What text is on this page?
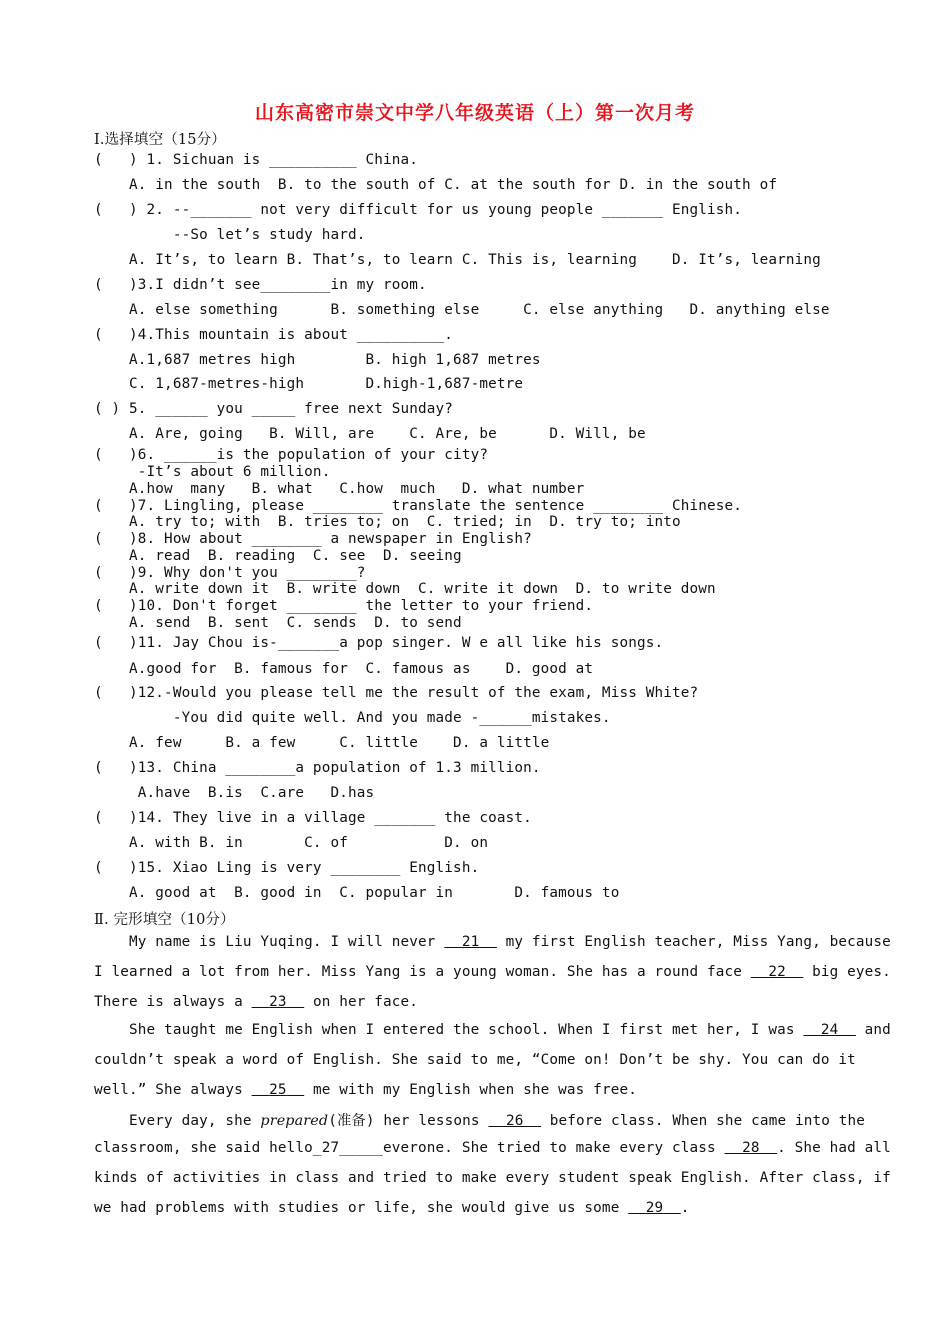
山东高密市崇文中学八年级英语（上）第一次月考
Ⅰ.选择填空（15分）
(   ) 1. Sichuan is __________ China.
A. in the south  B. to the south of C. at the south for D. in the south of
(   ) 2. --_______ not very difficult for us young people _______ English.
--So let’s study hard.
A. It’s, to learn B. That’s, to learn C. This is, learning    D. It’s, learning
(   )3.I didn’t see________in my room.
A. else something      B. something else     C. else anything   D. anything else
(   )4.This mountain is about __________.
A.1,687 metres high        B. high 1,687 metres
C. 1,687-metres-high       D.high-1,687-metre
( ) 5. ______ you _____ free next Sunday?
A. Are, going   B. Will, are    C. Are, be      D. Will, be
(   )6. ______is the population of your city?
-It’s about 6 million.
A.how  many   B. what   C.how  much   D. what number
(   )7. Lingling, please ________ translate the sentence ________ Chinese.
A. try to; with  B. tries to; on  C. tried; in  D. try to; into
(   )8. How about ________ a newspaper in English?
A. read  B. reading  C. see  D. seeing
(   )9. Why don't you ________?
A. write down it  B. write down  C. write it down  D. to write down
(   )10. Don't forget ________ the letter to your friend.
A. send  B. sent  C. sends  D. to send
(   )11. Jay Chou is-_______a pop singer. W e all like his songs.
A.good for  B. famous for  C. famous as    D. good at
(   )12.-Would you please tell me the result of the exam, Miss White?
-You did quite well. And you made -______mistakes.
A. few     B. a few     C. little    D. a little
(   )13. China ________a population of 1.3 million.
A.have  B.is  C.are   D.has
(   )14. They live in a village _______ the coast.
A. with B. in       C. of           D. on
(   )15. Xiao Ling is very ________ English.
A. good at  B. good in  C. popular in       D. famous to
Ⅱ. 完形填空（10分）
My name is Liu Yuqing. I will never   21   my first English teacher, Miss Yang, because
I learned a lot from her. Miss Yang is a young woman. She has a round face   22   big eyes.
There is always a   23   on her face.
She taught me English when I entered the school. When I first met her, I was   24   and
couldn’t speak a word of English. She said to me, “Come on! Don’t be shy. You can do it
well.” She always   25   me with my English when she was free.
Every day, she prepared(准备) her lessons   26   before class. When she came into the
classroom, she said hello_27_____everone. She tried to make every class   28 . She had all
kinds of activities in class and tried to make every student speak English. After class, if
we had problems with studies or life, she would give us some   29 .
